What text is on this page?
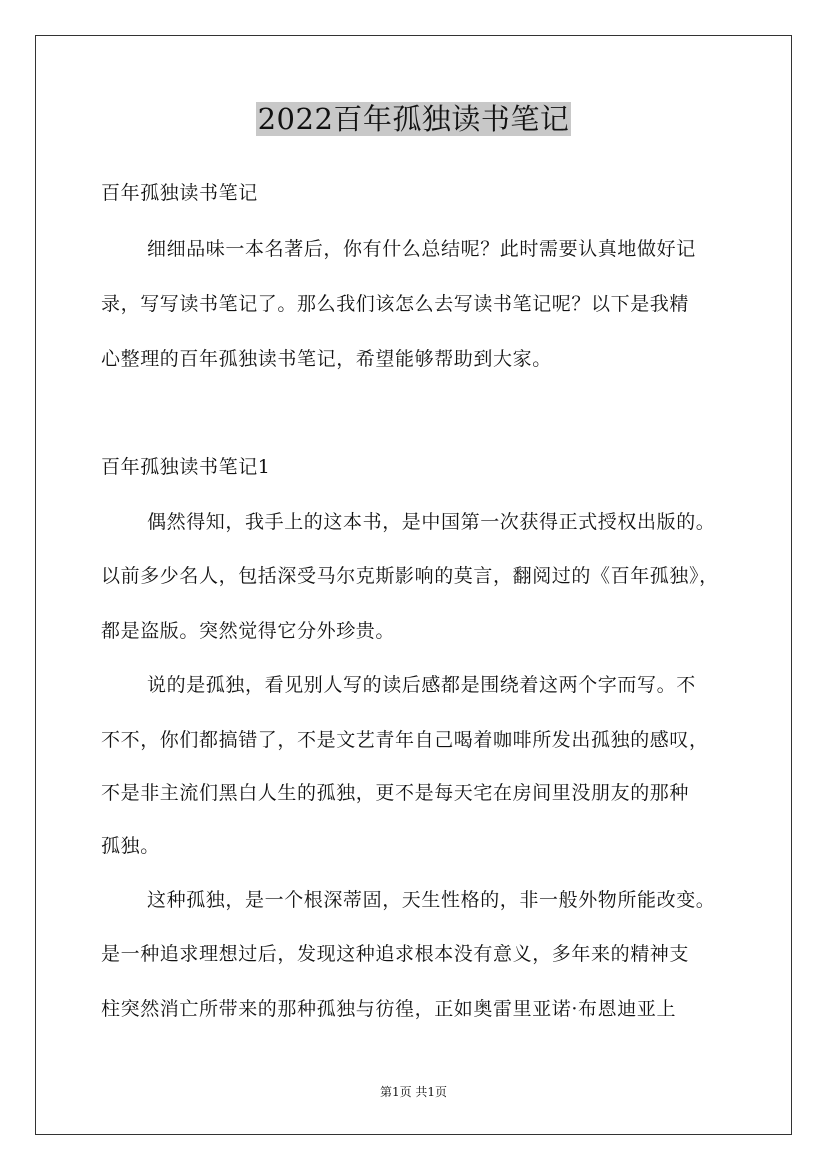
2022百年孤独读书笔记
百年孤独读书笔记
细细品味一本名著后，你有什么总结呢？此时需要认真地做好记
录，写写读书笔记了。那么我们该怎么去写读书笔记呢？以下是我精
心整理的百年孤独读书笔记，希望能够帮助到大家。
百年孤独读书笔记1
偶然得知，我手上的这本书，是中国第一次获得正式授权出版的。
以前多少名人，包括深受马尔克斯影响的莫言，翻阅过的《百年孤独》，
都是盗版。突然觉得它分外珍贵。
说的是孤独，看见别人写的读后感都是围绕着这两个字而写。不
不不，你们都搞错了，不是文艺青年自己喝着咖啡所发出孤独的感叹，
不是非主流们黑白人生的孤独，更不是每天宅在房间里没朋友的那种
孤独。
这种孤独，是一个根深蒂固，天生性格的，非一般外物所能改变。
是一种追求理想过后，发现这种追求根本没有意义，多年来的精神支
柱突然消亡所带来的那种孤独与彷徨，正如奥雷里亚诺·布恩迪亚上
第1页 共1页
